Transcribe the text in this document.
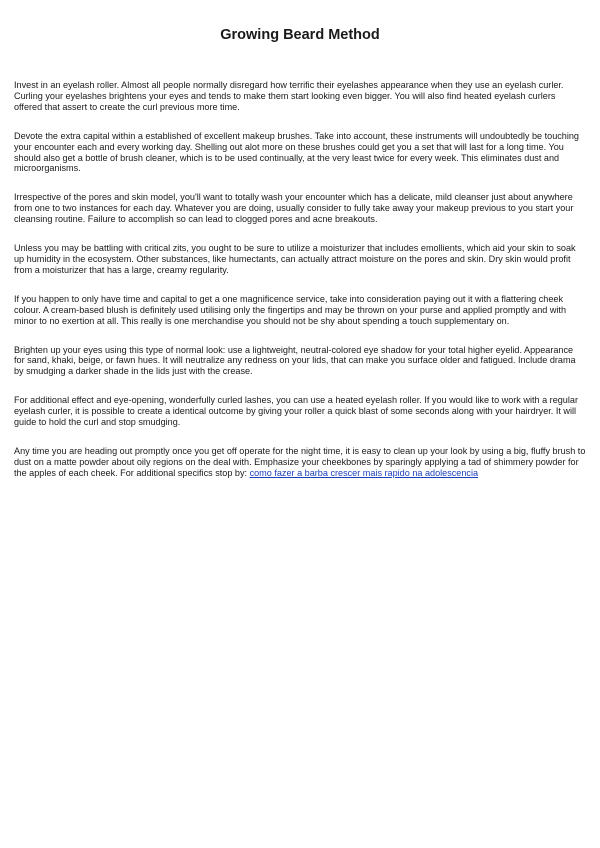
Growing Beard Method

Invest in an eyelash roller. Almost all people normally disregard how terrific their eyelashes appearance when they use an eyelash curler. Curling your eyelashes brightens your eyes and tends to make them start looking even bigger. You will also find heated eyelash curlers offered that assert to create the curl previous more time.

Devote the extra capital within a established of excellent makeup brushes. Take into account, these instruments will undoubtedly be touching your encounter each and every working day. Shelling out alot more on these brushes could get you a set that will last for a long time. You should also get a bottle of brush cleaner, which is to be used continually, at the very least twice for every week. This eliminates dust and microorganisms.

Irrespective of the pores and skin model, you'll want to totally wash your encounter which has a delicate, mild cleanser just about anywhere from one to two instances for each day. Whatever you are doing, usually consider to fully take away your makeup previous to you start your cleansing routine. Failure to accomplish so can lead to clogged pores and acne breakouts.

Unless you may be battling with critical zits, you ought to be sure to utilize a moisturizer that includes emollients, which aid your skin to soak up humidity in the ecosystem. Other substances, like humectants, can actually attract moisture on the pores and skin. Dry skin would profit from a moisturizer that has a large, creamy regularity.

If you happen to only have time and capital to get a one magnificence service, take into consideration paying out it with a flattering cheek colour. A cream-based blush is definitely used utilising only the fingertips and may be thrown on your purse and applied promptly and with minor to no exertion at all. This really is one merchandise you should not be shy about spending a touch supplementary on.

Brighten up your eyes using this type of normal look: use a lightweight, neutral-colored eye shadow for your total higher eyelid. Appearance for sand, khaki, beige, or fawn hues. It will neutralize any redness on your lids, that can make you surface older and fatigued. Include drama by smudging a darker shade in the lids just with the crease.

For additional effect and eye-opening, wonderfully curled lashes, you can use a heated eyelash roller. If you would like to work with a regular eyelash curler, it is possible to create a identical outcome by giving your roller a quick blast of some seconds along with your hairdryer. It will guide to hold the curl and stop smudging.

Any time you are heading out promptly once you get off operate for the night time, it is easy to clean up your look by using a big, fluffy brush to dust on a matte powder about oily regions on the deal with. Emphasize your cheekbones by sparingly applying a tad of shimmery powder for the apples of each cheek. For additional specifics stop by: como fazer a barba crescer mais rapido na adolescencia
